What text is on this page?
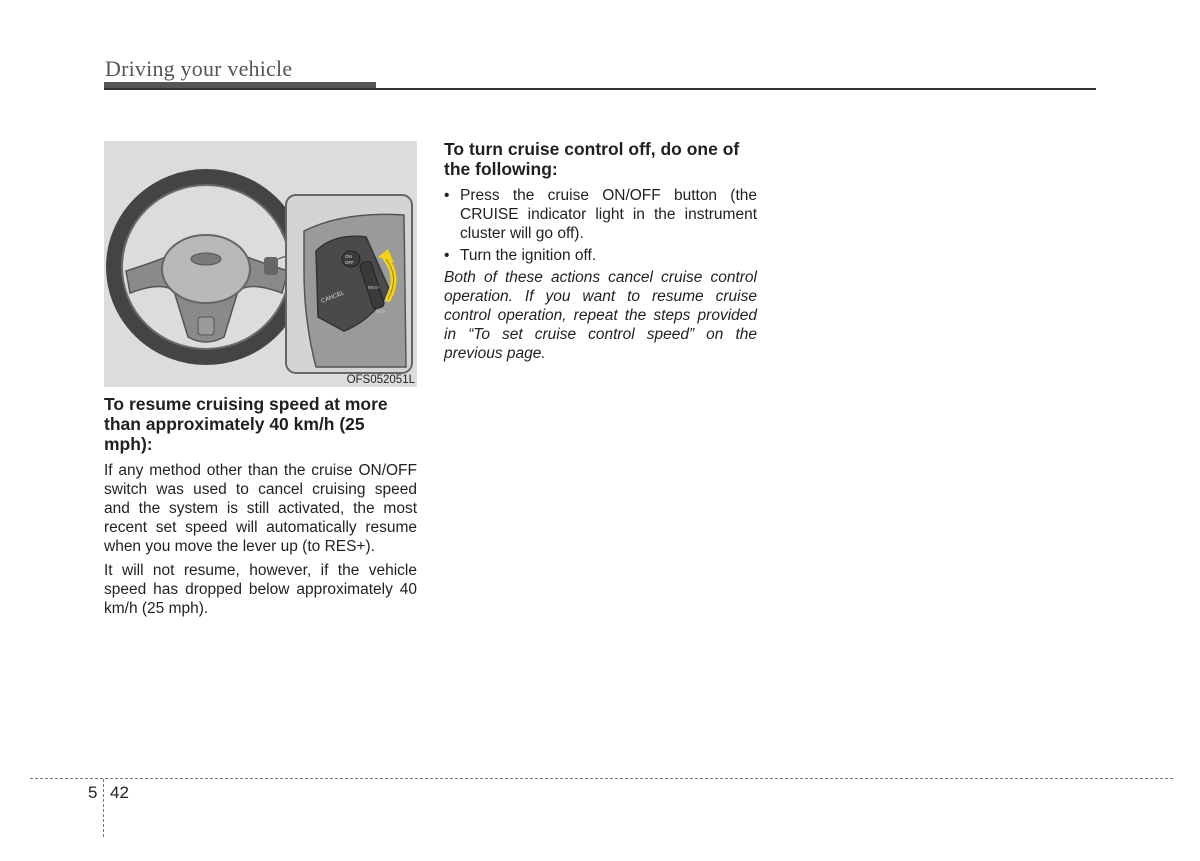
Driving your vehicle
ON
OFF
CANCEL
RES+
SET-
OFS052051L
To resume cruising speed at more than approximately 40 km/h (25 mph):

If any method other than the cruise ON/OFF switch was used to cancel cruising speed and the system is still activated, the most recent set speed will automatically resume when you move the lever up (to RES+).

It will not resume, however, if the vehicle speed has dropped below approximately 40 km/h (25 mph).

To turn cruise control off, do one of the following:
• Press the cruise ON/OFF button (the CRUISE indicator light in the instrument cluster will go off).
• Turn the ignition off.

Both of these actions cancel cruise control operation. If you want to resume cruise control operation, repeat the steps provided in “To set cruise control speed” on the previous page.

5 42
